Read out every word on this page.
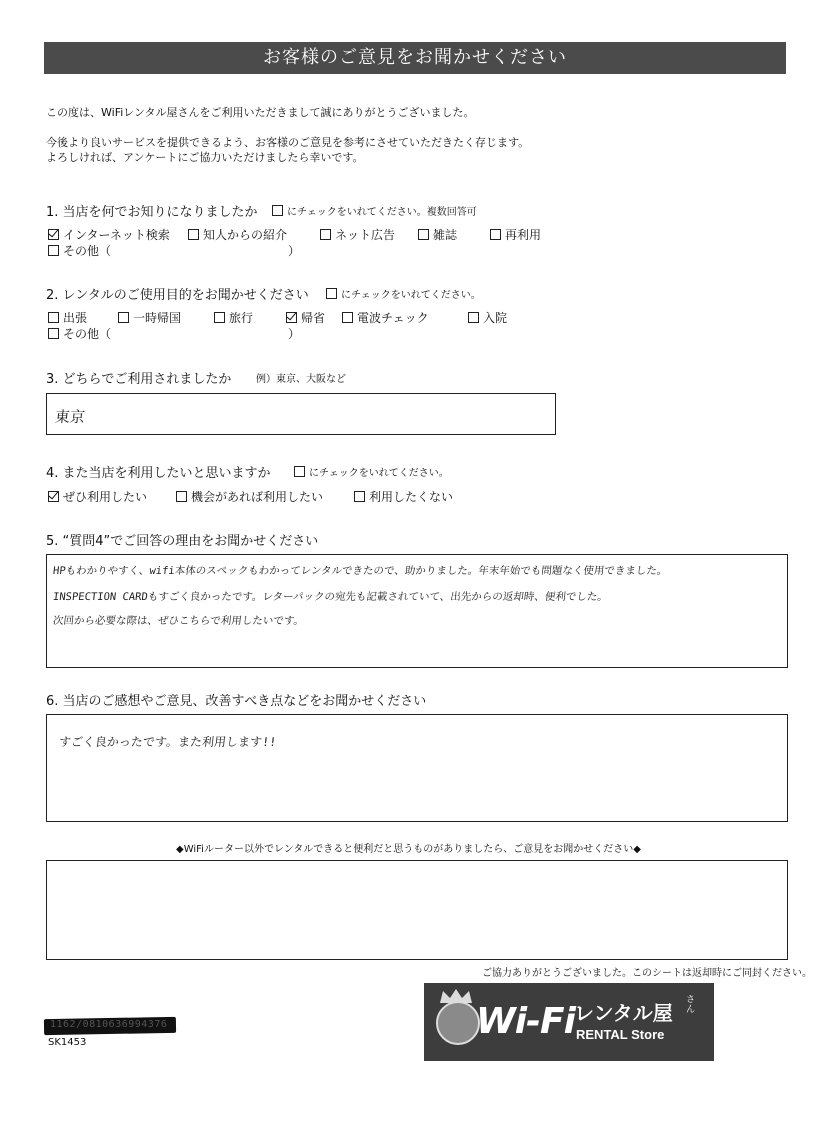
お客様のご意見をお聞かせください
この度は、WiFiレンタル屋さんをご利用いただきまして誠にありがとうございました。
今後より良いサービスを提供できるよう、お客様のご意見を参考にさせていただきたく存じます。
よろしければ、アンケートにご協力いただけましたら幸いです。
1. 当店を何でお知りになりましたか	にチェックをいれてください。複数回答可
インターネット検索	知人からの紹介	ネット広告	雑誌	再利用
その他（	）
2. レンタルのご使用目的をお聞かせください	にチェックをいれてください。
出張	一時帰国	旅行	帰省	電波チェック	入院
その他（	）
3. どちらでご利用されましたか 例）東京、大阪など
東京
4. また当店を利用したいと思いますか	にチェックをいれてください。
ぜひ利用したい	機会があれば利用したい	利用したくない
5. “質問4”でご回答の理由をお聞かせください
HPもわかりやすく、wifi本体のスペックもわかってレンタルできたので、助かりました。年末年始でも問題なく使用できました。
INSPECTION CARDもすごく良かったです。レターパックの宛先も記載されていて、出先からの返却時、便利でした。
次回から必要な際は、ぜひこちらで利用したいです。
6. 当店のご感想やご意見、改善すべき点などをお聞かせください
すごく良かったです。また利用します!!
◆WiFiルーター以外でレンタルできると便利だと思うものがありましたら、ご意見をお聞かせください◆
ご協力ありがとうございました。このシートは返却時にご同封ください。
1162/0810636994376
SK1453
Wi-Fi レンタル屋
さん
RENTAL Store
